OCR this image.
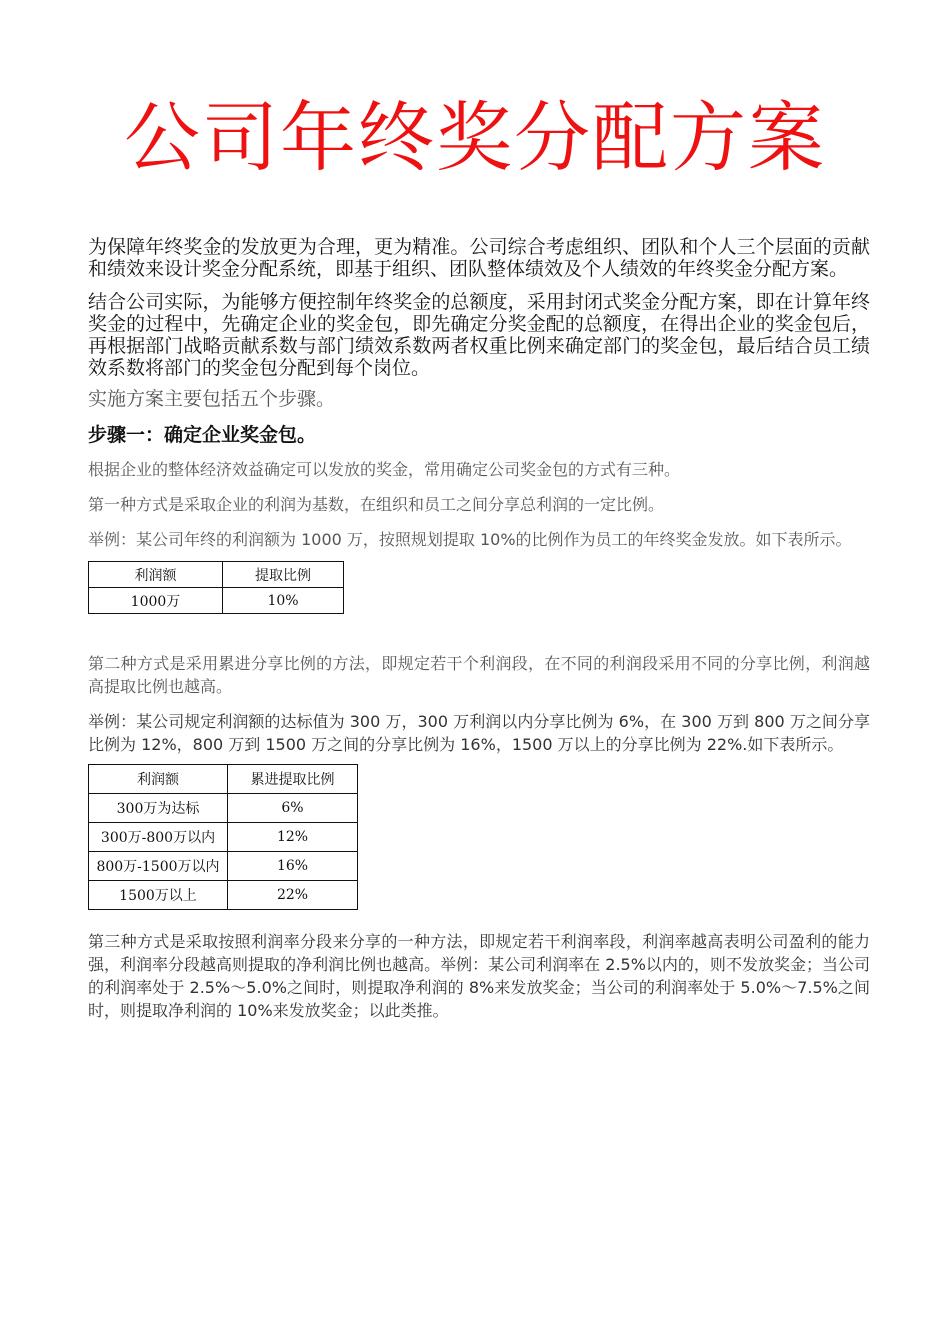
公司年终奖分配方案

为保障年终奖金的发放更为合理，更为精准。公司综合考虑组织、团队和个人三个层面的贡献和绩效来设计奖金分配系统，即基于组织、团队整体绩效及个人绩效的年终奖金分配方案。

结合公司实际，为能够方便控制年终奖金的总额度，采用封闭式奖金分配方案，即在计算年终奖金的过程中，先确定企业的奖金包，即先确定分奖金配的总额度，在得出企业的奖金包后，再根据部门战略贡献系数与部门绩效系数两者权重比例来确定部门的奖金包，最后结合员工绩效系数将部门的奖金包分配到每个岗位。

实施方案主要包括五个步骤。

步骤一：确定企业奖金包。

根据企业的整体经济效益确定可以发放的奖金，常用确定公司奖金包的方式有三种。

第一种方式是采取企业的利润为基数，在组织和员工之间分享总利润的一定比例。

举例：某公司年终的利润额为 1000 万，按照规划提取 10%的比例作为员工的年终奖金发放。如下表所示。

利润额	提取比例
1000万	10%

第二种方式是采用累进分享比例的方法，即规定若干个利润段，在不同的利润段采用不同的分享比例，利润越高提取比例也越高。

举例：某公司规定利润额的达标值为 300 万，300 万利润以内分享比例为 6%，在 300 万到 800 万之间分享比例为 12%，800 万到 1500 万之间的分享比例为 16%，1500 万以上的分享比例为 22%.如下表所示。

利润额	累进提取比例
300万为达标	6%
300万-800万以内	12%
800万-1500万以内	16%
1500万以上	22%

第三种方式是采取按照利润率分段来分享的一种方法，即规定若干利润率段，利润率越高表明公司盈利的能力强，利润率分段越高则提取的净利润比例也越高。举例：某公司利润率在 2.5%以内的，则不发放奖金；当公司的利润率处于 2.5%～5.0%之间时，则提取净利润的 8%来发放奖金；当公司的利润率处于 5.0%～7.5%之间时，则提取净利润的 10%来发放奖金；以此类推。
